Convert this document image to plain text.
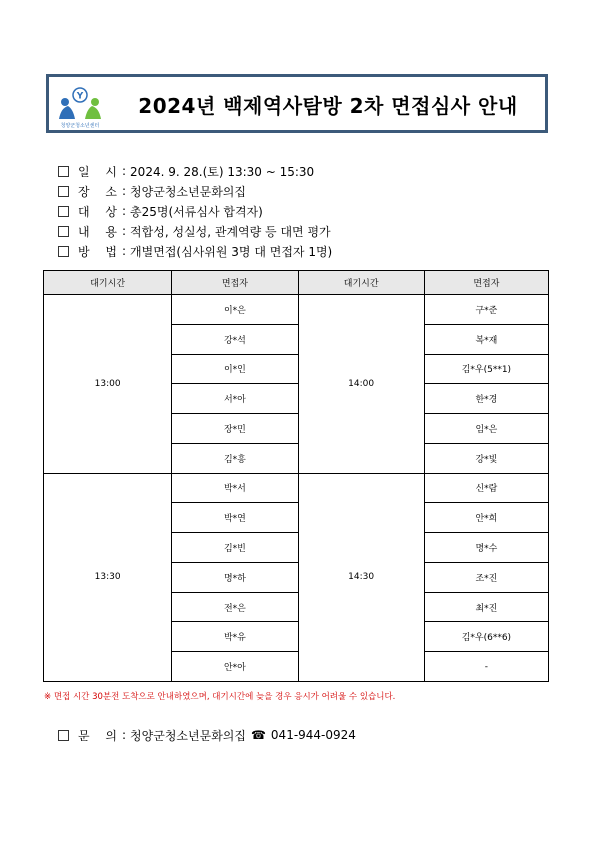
Y
청양군청소년센터
2024년 백제역사탐방 2차 면접심사 안내
일 시 : 2024. 9. 28.(토) 13:30 ~ 15:30
장 소 : 청양군청소년문화의집
대 상 : 총25명(서류심사 합격자)
내 용 : 적합성, 성실성, 관계역량 등 대면 평가
방 법 : 개별면접(심사위원 3명 대 면접자 1명)
대기시간	면접자	대기시간	면접자
13:00	이*은	14:00	구*준
	강*석		복*재
	이*인		김*우(5**1)
	서*아		한*경
	장*민		임*은
	김*흥		강*빛
13:30	박*서	14:30	신*람
	박*연		안*희
	김*빈		명*수
	명*하		조*진
	전*은		최*진
	박*유		김*우(6**6)
	안*아		-
※ 면접 시간 30분전 도착으로 안내하였으며, 대기시간에 늦을 경우 응시가 어려울 수 있습니다.
문 의 : 청양군청소년문화의집 ☎ 041-944-0924
